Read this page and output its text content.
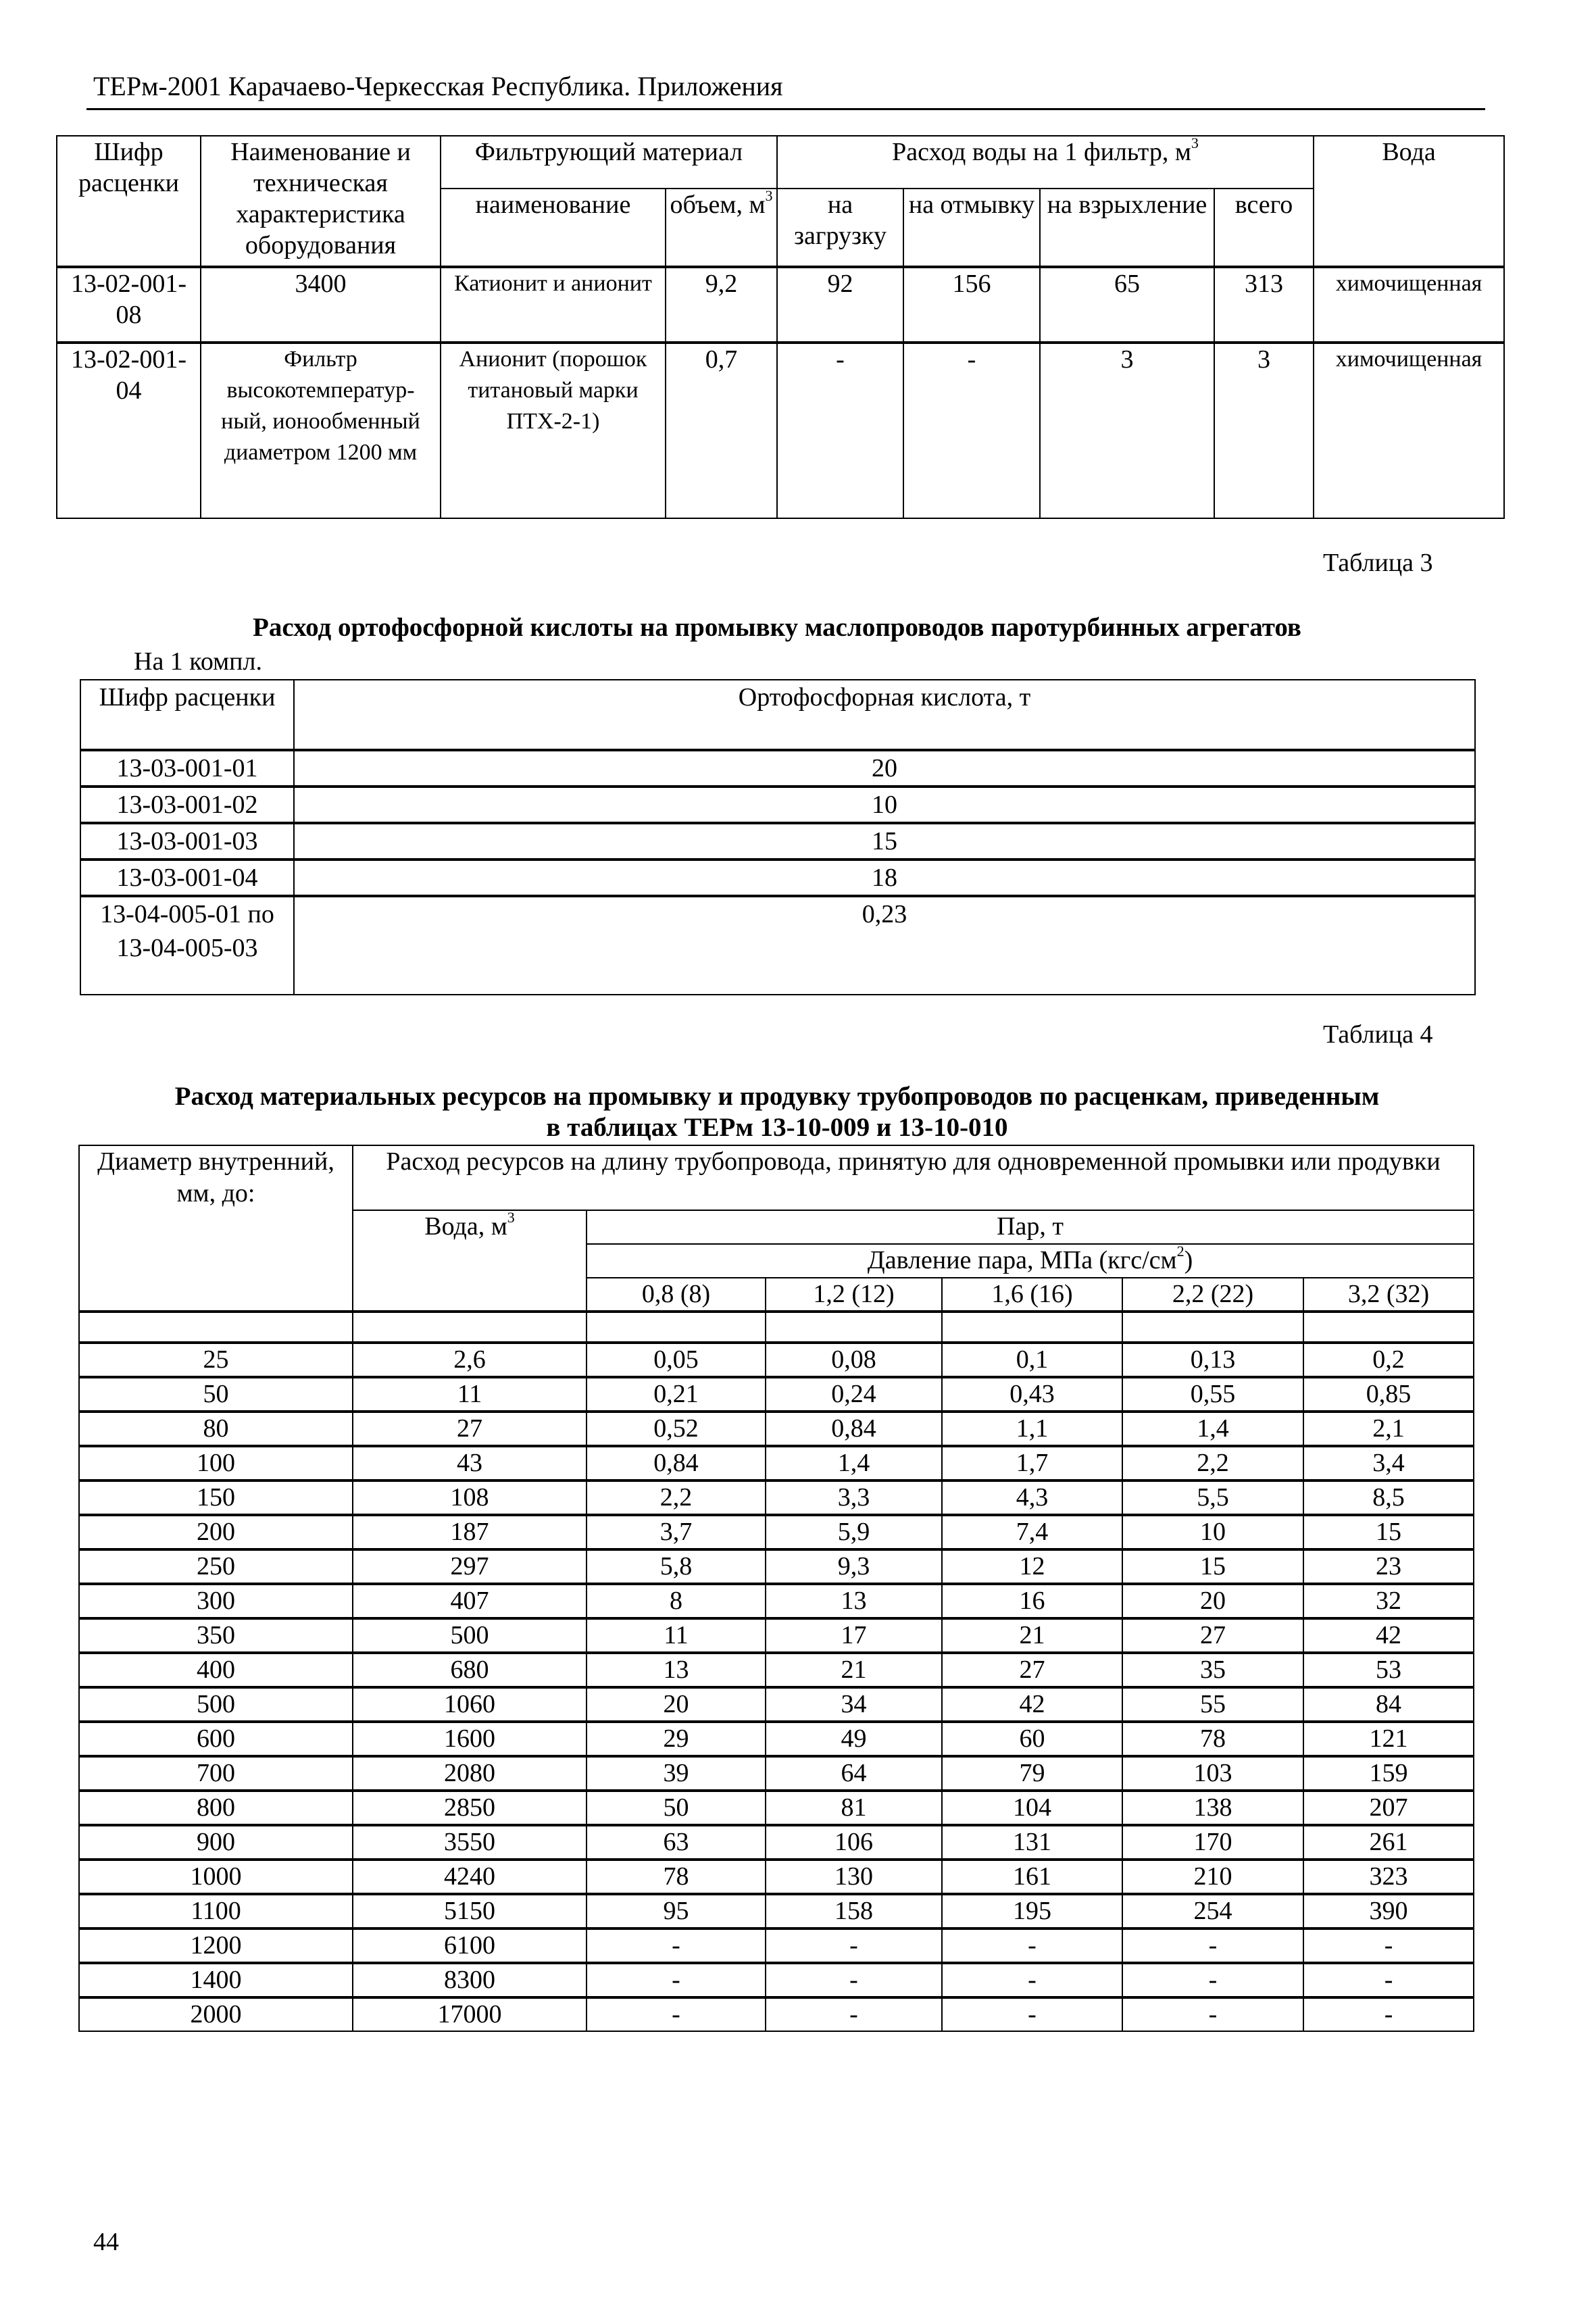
ТЕРм-2001 Карачаево-Черкесская Республика. Приложения
Шифр расценки	Наименование и техническая характеристика оборудования	Фильтрующий материал		Расход воды на 1 фильтр, $м^3$				Вода
		наименование	объем, $м^3$	на загрузку	на отмывку	на взрыхление	всего	
13-02-001-08	3400	Катионит и анионит	9,2	92	156	65	313	химочищенная
13-02-001-04	Фильтр высокотемператур-ный, ионообменный диаметром 1200 мм	Анионит (порошок титановый марки ПТХ-2-1)	0,7	-	-	3	3	химочищенная
Таблица 3
Расход ортофосфорной кислоты на промывку маслопроводов паротурбинных агрегатов
На 1 компл.
Шифр расценки	Ортофосфорная кислота, т
13-03-001-01	20
13-03-001-02	10
13-03-001-03	15
13-03-001-04	18
13-04-005-01 по 13-04-005-03	0,23
Таблица 4
Расход материальных ресурсов на промывку и продувку трубопроводов по расценкам, приведенным
в таблицах ТЕРм 13-10-009 и 13-10-010
Диаметр внутренний, мм, до:	Расход ресурсов на длину трубопровода, принятую для одновременной промывки или продувки					
	Вода, $м^3$	Пар, т				
		Давление пара, МПа $(кгс/см^2)$				
		0,8 (8)	1,2 (12)	1,6 (16)	2,2 (22)	3,2 (32)

25	2,6	0,05	0,08	0,1	0,13	0,2
50	11	0,21	0,24	0,43	0,55	0,85
80	27	0,52	0,84	1,1	1,4	2,1
100	43	0,84	1,4	1,7	2,2	3,4
150	108	2,2	3,3	4,3	5,5	8,5
200	187	3,7	5,9	7,4	10	15
250	297	5,8	9,3	12	15	23
300	407	8	13	16	20	32
350	500	11	17	21	27	42
400	680	13	21	27	35	53
500	1060	20	34	42	55	84
600	1600	29	49	60	78	121
700	2080	39	64	79	103	159
800	2850	50	81	104	138	207
900	3550	63	106	131	170	261
1000	4240	78	130	161	210	323
1100	5150	95	158	195	254	390
1200	6100	-	-	-	-	-
1400	8300	-	-	-	-	-
2000	17000	-	-	-	-	-
44
